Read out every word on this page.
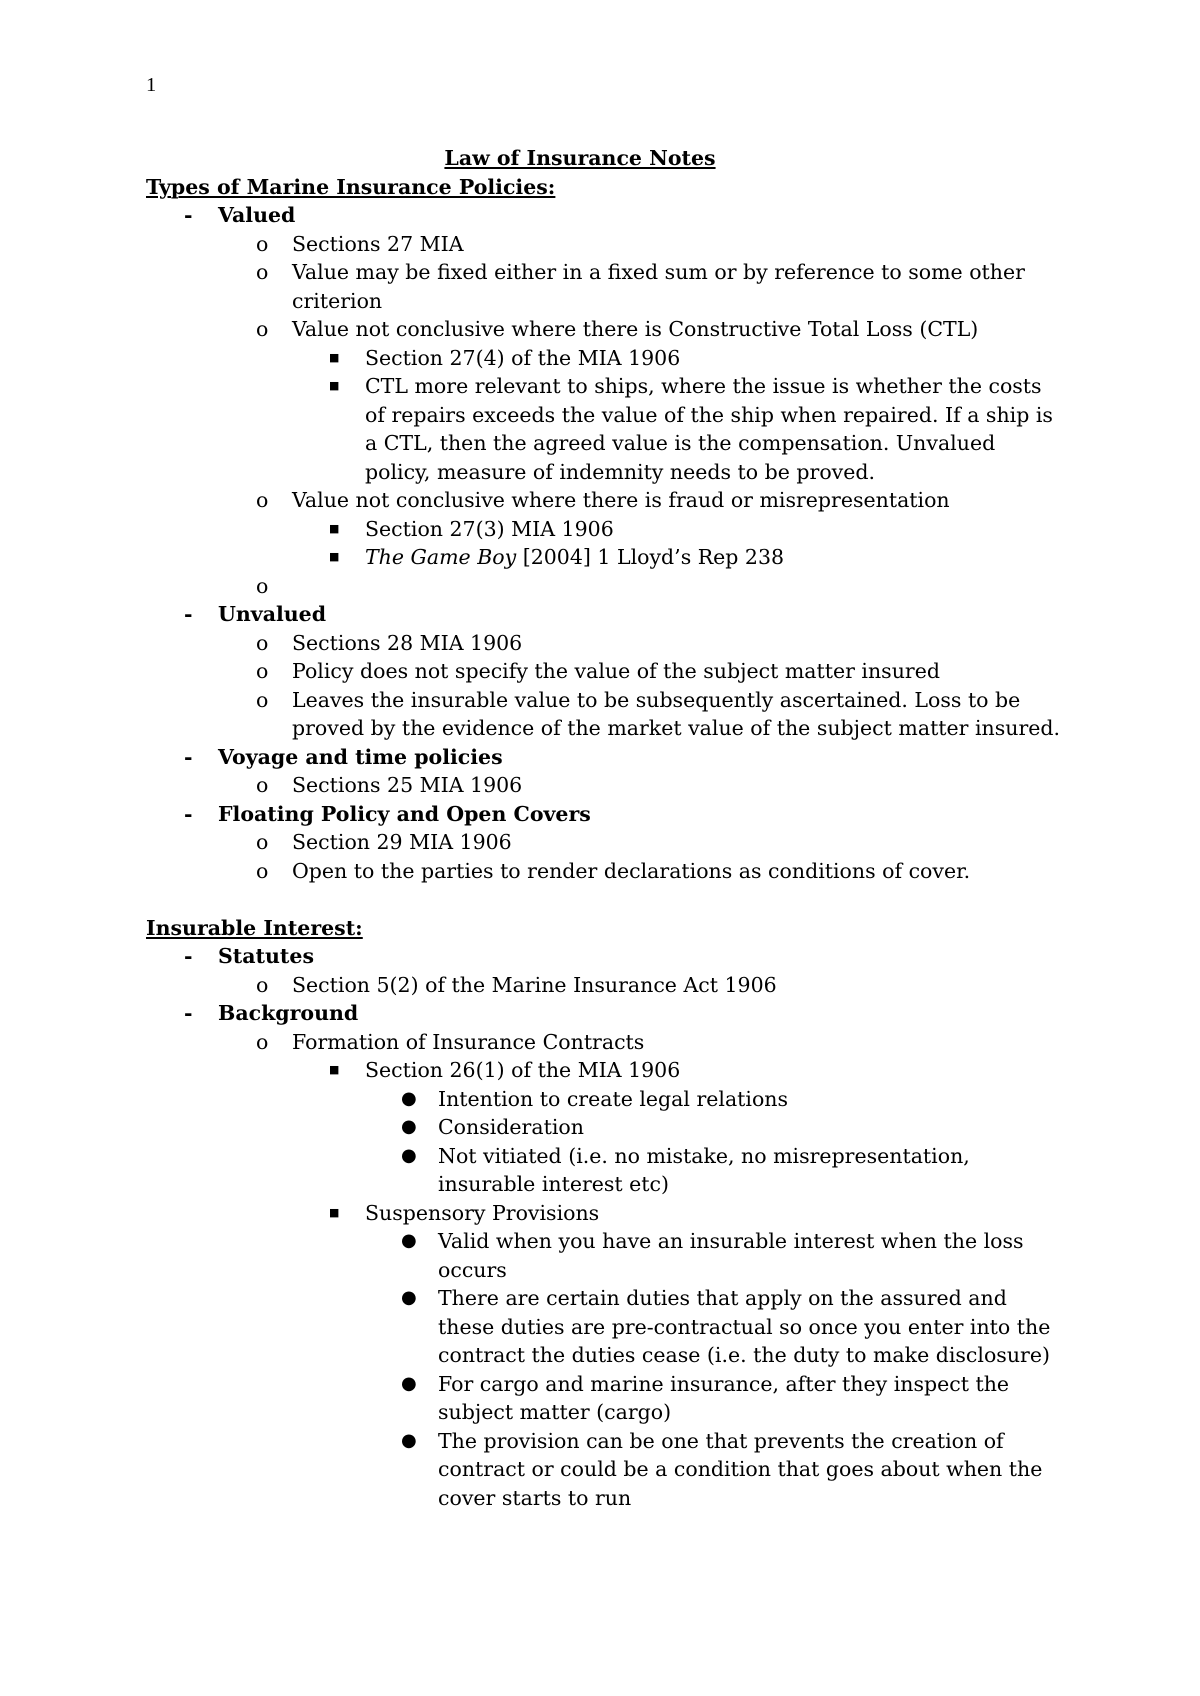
1
Law of Insurance Notes
Types of Marine Insurance Policies:
-	Valued
o	Sections 27 MIA
o	Value may be fixed either in a fixed sum or by reference to some other criterion
o	Value not conclusive where there is Constructive Total Loss (CTL)
■	Section 27(4) of the MIA 1906
■	CTL more relevant to ships, where the issue is whether the costs of repairs exceeds the value of the ship when repaired. If a ship is a CTL, then the agreed value is the compensation. Unvalued policy, measure of indemnity needs to be proved.
o	Value not conclusive where there is fraud or misrepresentation
■	Section 27(3) MIA 1906
■	The Game Boy [2004] 1 Lloyd’s Rep 238
o

-	Unvalued
o	Sections 28 MIA 1906
o	Policy does not specify the value of the subject matter insured
o	Leaves the insurable value to be subsequently ascertained. Loss to be proved by the evidence of the market value of the subject matter insured.
-	Voyage and time policies
o	Sections 25 MIA 1906
-	Floating Policy and Open Covers
o	Section 29 MIA 1906
o	Open to the parties to render declarations as conditions of cover.
Insurable Interest:
-	Statutes
o	Section 5(2) of the Marine Insurance Act 1906
-	Background
o	Formation of Insurance Contracts
■	Section 26(1) of the MIA 1906
●	Intention to create legal relations
●	Consideration
●	Not vitiated (i.e. no mistake, no misrepresentation, insurable interest etc)
■	Suspensory Provisions
●	Valid when you have an insurable interest when the loss occurs
●	There are certain duties that apply on the assured and these duties are pre-contractual so once you enter into the contract the duties cease (i.e. the duty to make disclosure)
●	For cargo and marine insurance, after they inspect the subject matter (cargo)
●	The provision can be one that prevents the creation of contract or could be a condition that goes about when the cover starts to run
